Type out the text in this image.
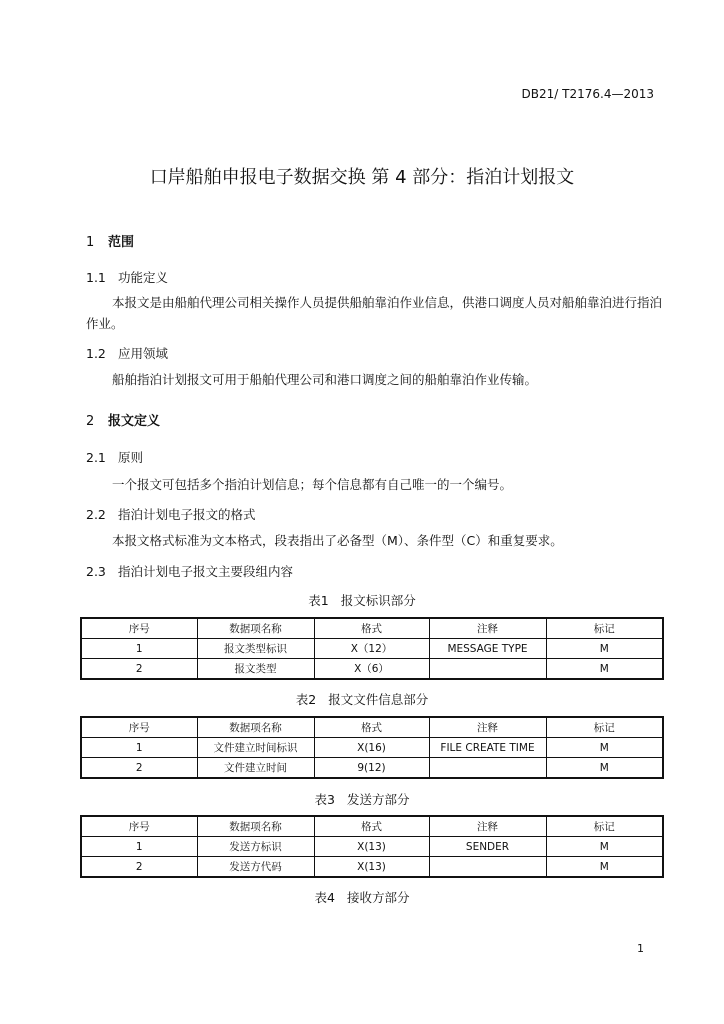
DB21/ T2176.4—2013
口岸船舶申报电子数据交换 第 4 部分：指泊计划报文
1 范围
1.1 功能定义
本报文是由船舶代理公司相关操作人员提供船舶靠泊作业信息，供港口调度人员对船舶靠泊进行指泊作业。
1.2 应用领域
船舶指泊计划报文可用于船舶代理公司和港口调度之间的船舶靠泊作业传输。
2 报文定义
2.1 原则
一个报文可包括多个指泊计划信息；每个信息都有自己唯一的一个编号。
2.2 指泊计划电子报文的格式
本报文格式标准为文本格式，段表指出了必备型（M）、条件型（C）和重复要求。
2.3 指泊计划电子报文主要段组内容
表1 报文标识部分
序号	数据项名称	格式	注释	标记
1	报文类型标识	X（12）	MESSAGE TYPE	M
2	报文类型	X（6）		M
表2 报文文件信息部分
序号	数据项名称	格式	注释	标记
1	文件建立时间标识	X(16)	FILE CREATE TIME	M
2	文件建立时间	9(12)		M
表3 发送方部分
序号	数据项名称	格式	注释	标记
1	发送方标识	X(13)	SENDER	M
2	发送方代码	X(13)		M
表4 接收方部分
1
